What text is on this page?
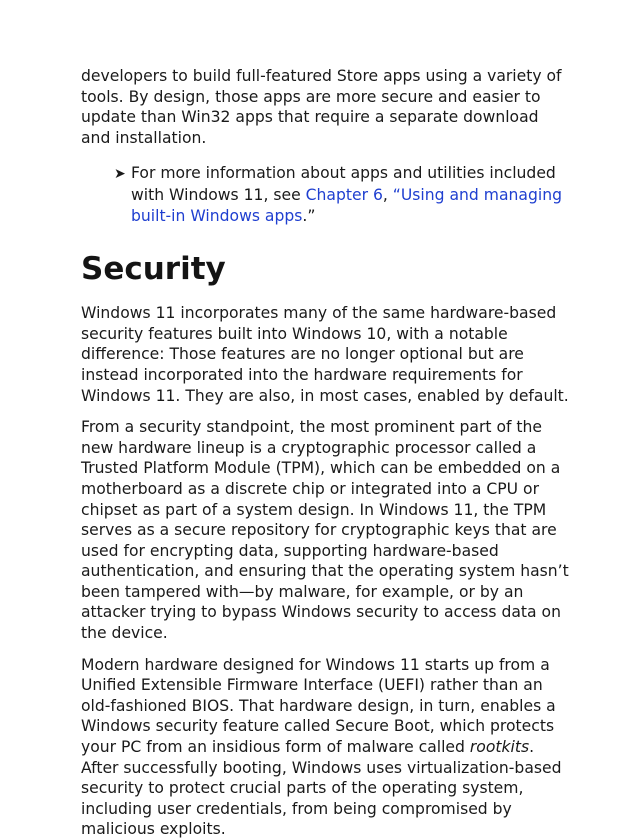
developers to build full-featured Store apps using a variety of tools. By design, those apps are more secure and easier to update than Win32 apps that require a separate download and installation.

➤ For more information about apps and utilities included with Windows 11, see Chapter 6, “Using and managing built-in Windows apps.”

Security

Windows 11 incorporates many of the same hardware-based security features built into Windows 10, with a notable difference: Those features are no longer optional but are instead incorporated into the hardware requirements for Windows 11. They are also, in most cases, enabled by default.

From a security standpoint, the most prominent part of the new hardware lineup is a cryptographic processor called a Trusted Platform Module (TPM), which can be embedded on a motherboard as a discrete chip or integrated into a CPU or chipset as part of a system design. In Windows 11, the TPM serves as a secure repository for cryptographic keys that are used for encrypting data, supporting hardware-based authentication, and ensuring that the operating system hasn’t been tampered with—by malware, for example, or by an attacker trying to bypass Windows security to access data on the device.

Modern hardware designed for Windows 11 starts up from a Unified Extensible Firmware Interface (UEFI) rather than an old-fashioned BIOS. That hardware design, in turn, enables a Windows security feature called Secure Boot, which protects your PC from an insidious form of malware called rootkits. After successfully booting, Windows uses virtualization-based security to protect crucial parts of the operating system, including user credentials, from being compromised by malicious exploits.
